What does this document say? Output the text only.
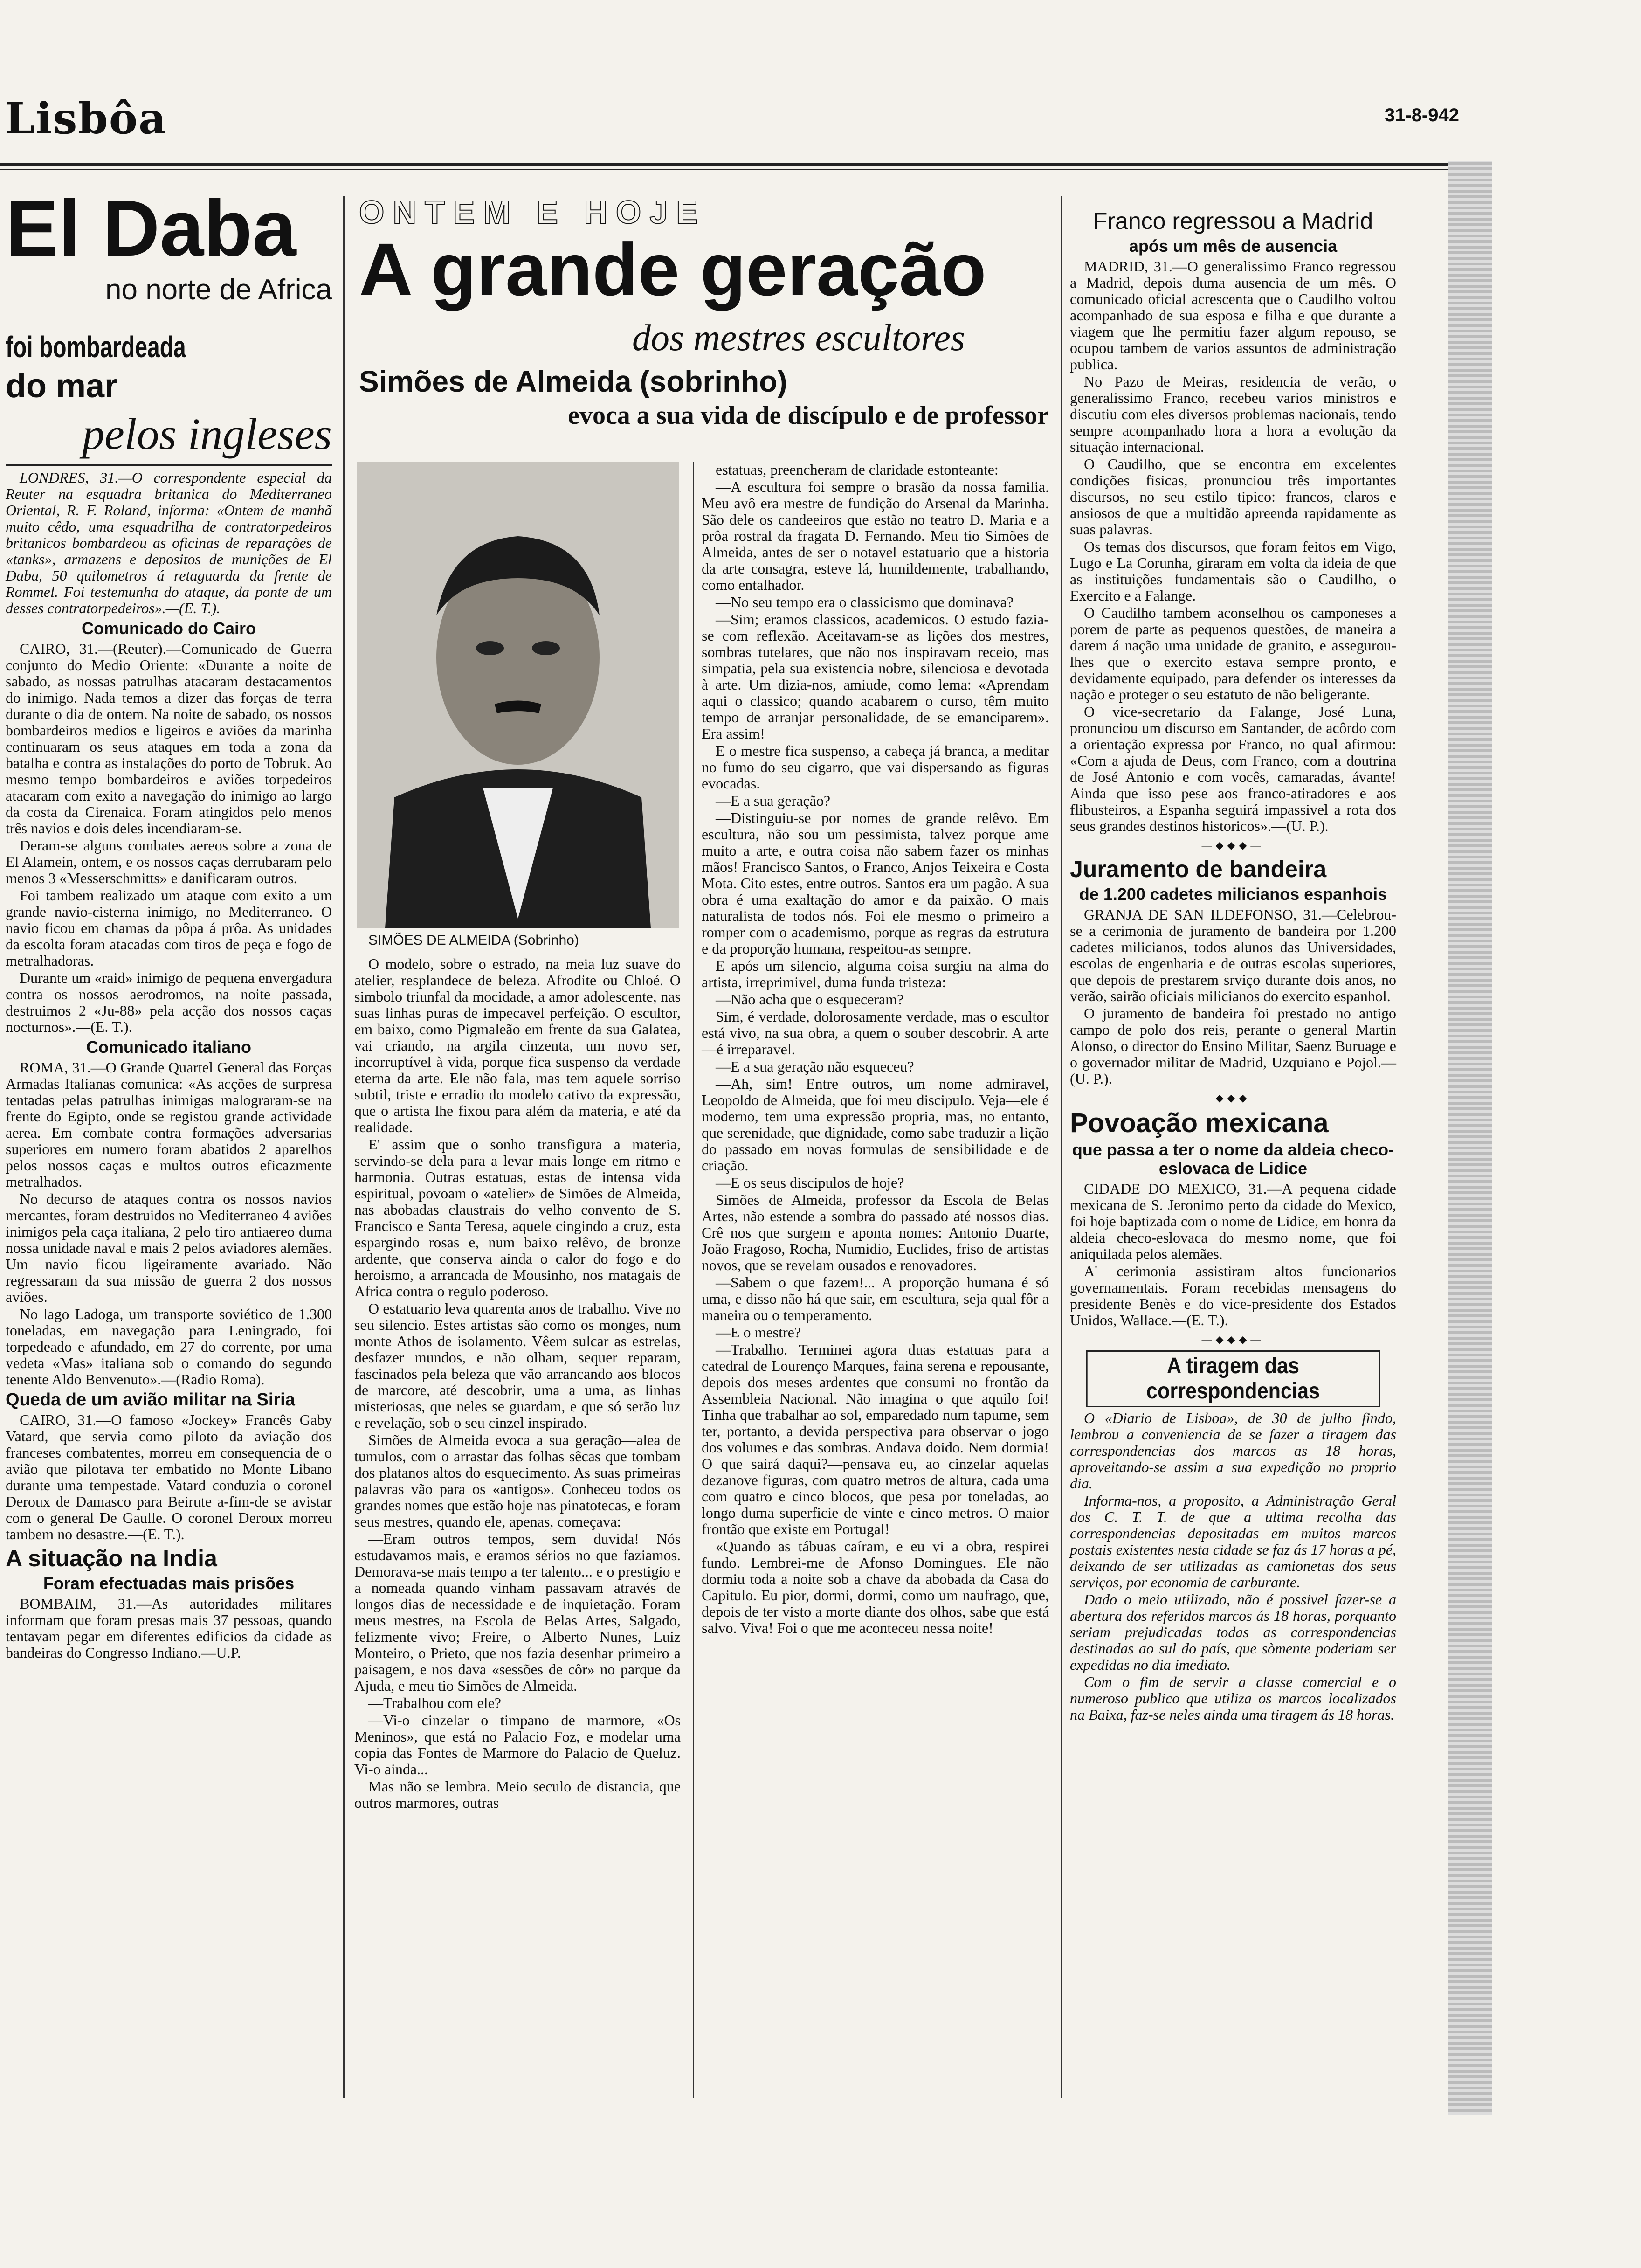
Lisbôa	31-8-942
El Daba
no norte de Africa
foi bombardeada
do mar
pelos ingleses

LONDRES, 31.—O correspondente especial da Reuter na esquadra britanica do Mediterraneo Oriental, R. F. Roland, informa: «Ontem de manhã muito cêdo, uma esquadrilha de contratorpedeiros britanicos bombardeou as oficinas de reparações de «tanks», armazens e depositos de munições de El Daba, 50 quilometros á retaguarda da frente de Rommel. Foi testemunha do ataque, da ponte de um desses contratorpedeiros».—(E. T.).

Comunicado do Cairo

CAIRO, 31.—(Reuter).—Comunicado de Guerra conjunto do Medio Oriente: «Durante a noite de sabado, as nossas patrulhas atacaram destacamentos do inimigo. Nada temos a dizer das forças de terra durante o dia de ontem. Na noite de sabado, os nossos bombardeiros medios e ligeiros e aviões da marinha continuaram os seus ataques em toda a zona da batalha e contra as instalações do porto de Tobruk. Ao mesmo tempo bombardeiros e aviões torpedeiros atacaram com exito a navegação do inimigo ao largo da costa da Cirenaica. Foram atingidos pelo menos três navios e dois deles incendiaram-se.

Deram-se alguns combates aereos sobre a zona de El Alamein, ontem, e os nossos caças derrubaram pelo menos 3 «Messerschmitts» e danificaram outros.

Foi tambem realizado um ataque com exito a um grande navio-cisterna inimigo, no Mediterraneo. O navio ficou em chamas da pôpa á prôa. As unidades da escolta foram atacadas com tiros de peça e fogo de metralhadoras.

Durante um «raid» inimigo de pequena envergadura contra os nossos aerodromos, na noite passada, destruimos 2 «Ju-88» pela acção dos nossos caças nocturnos».—(E. T.).

Comunicado italiano

ROMA, 31.—O Grande Quartel General das Forças Armadas Italianas comunica: «As acções de surpresa tentadas pelas patrulhas inimigas malograram-se na frente do Egipto, onde se registou grande actividade aerea. Em combate contra formações adversarias superiores em numero foram abatidos 2 aparelhos pelos nossos caças e multos outros eficazmente metralhados.

No decurso de ataques contra os nossos navios mercantes, foram destruidos no Mediterraneo 4 aviões inimigos pela caça italiana, 2 pelo tiro antiaereo duma nossa unidade naval e mais 2 pelos aviadores alemães. Um navio ficou ligeiramente avariado. Não regressaram da sua missão de guerra 2 dos nossos aviões.

No lago Ladoga, um transporte soviético de 1.300 toneladas, em navegação para Leningrado, foi torpedeado e afundado, em 27 do corrente, por uma vedeta «Mas» italiana sob o comando do segundo tenente Aldo Benvenuto».—(Radio Roma).

Queda de um avião militar na Siria

CAIRO, 31.—O famoso «Jockey» Francês Gaby Vatard, que servia como piloto da aviação dos franceses combatentes, morreu em consequencia de o avião que pilotava ter embatido no Monte Libano durante uma tempestade. Vatard conduzia o coronel Deroux de Damasco para Beirute a-fim-de se avistar com o general De Gaulle. O coronel Deroux morreu tambem no desastre.—(E. T.).

A situação na India
Foram efectuadas mais prisões

BOMBAIM, 31.—As autoridades militares informam que foram presas mais 37 pessoas, quando tentavam pegar em diferentes edificios da cidade as bandeiras do Congresso Indiano.—U.P.

ONTEM E HOJE
A grande geração
dos mestres escultores
Simões de Almeida (sobrinho)
evoca a sua vida de discípulo e de professor
SIMÕES DE ALMEIDA (Sobrinho)

O modelo, sobre o estrado, na meia luz suave do atelier, resplandece de beleza. Afrodite ou Chloé. O simbolo triunfal da mocidade, a amor adolescente, nas suas linhas puras de impecavel perfeição. O escultor, em baixo, como Pigmaleão em frente da sua Galatea, vai criando, na argila cinzenta, um novo ser, incorruptível à vida, porque fica suspenso da verdade eterna da arte. Ele não fala, mas tem aquele sorriso subtil, triste e erradio do modelo cativo da expressão, que o artista lhe fixou para além da materia, e até da realidade.

E' assim que o sonho transfigura a materia, servindo-se dela para a levar mais longe em ritmo e harmonia. Outras estatuas, estas de intensa vida espiritual, povoam o «atelier» de Simões de Almeida, nas abobadas claustrais do velho convento de S. Francisco e Santa Teresa, aquele cingindo a cruz, esta espargindo rosas e, num baixo relêvo, de bronze ardente, que conserva ainda o calor do fogo e do heroismo, a arrancada de Mousinho, nos matagais de Africa contra o regulo poderoso.

O estatuario leva quarenta anos de trabalho. Vive no seu silencio. Estes artistas são como os monges, num monte Athos de isolamento. Vêem sulcar as estrelas, desfazer mundos, e não olham, sequer reparam, fascinados pela beleza que vão arrancando aos blocos de marcore, até descobrir, uma a uma, as linhas misteriosas, que neles se guardam, e que só serão luz e revelação, sob o seu cinzel inspirado.

Simões de Almeida evoca a sua geração—alea de tumulos, com o arrastar das folhas sêcas que tombam dos platanos altos do esquecimento. As suas primeiras palavras vão para os «antigos». Conheceu todos os grandes nomes que estão hoje nas pinatotecas, e foram seus mestres, quando ele, apenas, começava:

—Eram outros tempos, sem duvida! Nós estudavamos mais, e eramos sérios no que faziamos. Demorava-se mais tempo a ter talento... e o prestigio e a nomeada quando vinham passavam através de longos dias de necessidade e de inquietação. Foram meus mestres, na Escola de Belas Artes, Salgado, felizmente vivo; Freire, o Alberto Nunes, Luiz Monteiro, o Prieto, que nos fazia desenhar primeiro a paisagem, e nos dava «sessões de côr» no parque da Ajuda, e meu tio Simões de Almeida.

—Trabalhou com ele?

—Vi-o cinzelar o timpano de marmore, «Os Meninos», que está no Palacio Foz, e modelar uma copia das Fontes de Marmore do Palacio de Queluz. Vi-o ainda...

Mas não se lembra. Meio seculo de distancia, que outros marmores, outras

estatuas, preencheram de claridade estonteante:

—A escultura foi sempre o brasão da nossa familia. Meu avô era mestre de fundição do Arsenal da Marinha. São dele os candeeiros que estão no teatro D. Maria e a prôa rostral da fragata D. Fernando. Meu tio Simões de Almeida, antes de ser o notavel estatuario que a historia da arte consagra, esteve lá, humildemente, trabalhando, como entalhador.

—No seu tempo era o classicismo que dominava?

—Sim; eramos classicos, academicos. O estudo fazia-se com reflexão. Aceitavam-se as lições dos mestres, sombras tutelares, que não nos inspiravam receio, mas simpatia, pela sua existencia nobre, silenciosa e devotada à arte. Um dizia-nos, amiude, como lema: «Aprendam aqui o classico; quando acabarem o curso, têm muito tempo de arranjar personalidade, de se emanciparem». Era assim!

E o mestre fica suspenso, a cabeça já branca, a meditar no fumo do seu cigarro, que vai dispersando as figuras evocadas.

—E a sua geração?

—Distinguiu-se por nomes de grande relêvo. Em escultura, não sou um pessimista, talvez porque ame muito a arte, e outra coisa não sabem fazer os minhas mãos! Francisco Santos, o Franco, Anjos Teixeira e Costa Mota. Cito estes, entre outros. Santos era um pagão. A sua obra é uma exaltação do amor e da paixão. O mais naturalista de todos nós. Foi ele mesmo o primeiro a romper com o academismo, porque as regras da estrutura e da proporção humana, respeitou-as sempre.

E após um silencio, alguma coisa surgiu na alma do artista, irreprimivel, duma funda tristeza:

—Não acha que o esqueceram?

Sim, é verdade, dolorosamente verdade, mas o escultor está vivo, na sua obra, a quem o souber descobrir. A arte—é irreparavel.

—E a sua geração não esqueceu?

—Ah, sim! Entre outros, um nome admiravel, Leopoldo de Almeida, que foi meu discipulo. Veja—ele é moderno, tem uma expressão propria, mas, no entanto, que serenidade, que dignidade, como sabe traduzir a lição do passado em novas formulas de sensibilidade e de criação.

—E os seus discipulos de hoje?

Simões de Almeida, professor da Escola de Belas Artes, não estende a sombra do passado até nossos dias. Crê nos que surgem e aponta nomes: Antonio Duarte, João Fragoso, Rocha, Numidio, Euclides, friso de artistas novos, que se revelam ousados e renovadores.

—Sabem o que fazem!... A proporção humana é só uma, e disso não há que sair, em escultura, seja qual fôr a maneira ou o temperamento.

—E o mestre?

—Trabalho. Terminei agora duas estatuas para a catedral de Lourenço Marques, faina serena e repousante, depois dos meses ardentes que consumi no frontão da Assembleia Nacional. Não imagina o que aquilo foi! Tinha que trabalhar ao sol, emparedado num tapume, sem ter, portanto, a devida perspectiva para observar o jogo dos volumes e das sombras. Andava doido. Nem dormia! O que sairá daqui?—pensava eu, ao cinzelar aquelas dezanove figuras, com quatro metros de altura, cada uma com quatro e cinco blocos, que pesa por toneladas, ao longo duma superficie de vinte e cinco metros. O maior frontão que existe em Portugal!

«Quando as tábuas caíram, e eu vi a obra, respirei fundo. Lembrei-me de Afonso Domingues. Ele não dormiu toda a noite sob a chave da abobada da Casa do Capitulo. Eu pior, dormi, dormi, como um naufrago, que, depois de ter visto a morte diante dos olhos, sabe que está salvo. Viva! Foi o que me aconteceu nessa noite!

Franco regressou a Madrid
após um mês de ausencia

MADRID, 31.—O generalissimo Franco regressou a Madrid, depois duma ausencia de um mês. O comunicado oficial acrescenta que o Caudilho voltou acompanhado de sua esposa e filha e que durante a viagem que lhe permitiu fazer algum repouso, se ocupou tambem de varios assuntos de administração publica.

No Pazo de Meiras, residencia de verão, o generalissimo Franco, recebeu varios ministros e discutiu com eles diversos problemas nacionais, tendo sempre acompanhado hora a hora a evolução da situação internacional.

O Caudilho, que se encontra em excelentes condições fisicas, pronunciou três importantes discursos, no seu estilo tipico: francos, claros e ansiosos de que a multidão apreenda rapidamente as suas palavras.

Os temas dos discursos, que foram feitos em Vigo, Lugo e La Corunha, giraram em volta da ideia de que as instituições fundamentais são o Caudilho, o Exercito e a Falange.

O Caudilho tambem aconselhou os camponeses a porem de parte as pequenos questões, de maneira a darem á nação uma unidade de granito, e assegurou-lhes que o exercito estava sempre pronto, e devidamente equipado, para defender os interesses da nação e proteger o seu estatuto de não beligerante.

O vice-secretario da Falange, José Luna, pronunciou um discurso em Santander, de acôrdo com a orientação expressa por Franco, no qual afirmou: «Com a ajuda de Deus, com Franco, com a doutrina de José Antonio e com vocês, camaradas, ávante! Ainda que isso pese aos franco-atiradores e aos flibusteiros, a Espanha seguirá impassivel a rota dos seus grandes destinos historicos».—(U. P.).

—◆◆◆—
Juramento de bandeira
de 1.200 cadetes milicianos espanhois

GRANJA DE SAN ILDEFONSO, 31.—Celebrou-se a cerimonia de juramento de bandeira por 1.200 cadetes milicianos, todos alunos das Universidades, escolas de engenharia e de outras escolas superiores, que depois de prestarem srviço durante dois anos, no verão, sairão oficiais milicianos do exercito espanhol.

O juramento de bandeira foi prestado no antigo campo de polo dos reis, perante o general Martin Alonso, o director do Ensino Militar, Saenz Buruage e o governador militar de Madrid, Uzquiano e Pojol.—(U. P.).

—◆◆◆—
Povoação mexicana
que passa a ter o nome da aldeia checo-eslovaca de Lidice

CIDADE DO MEXICO, 31.—A pequena cidade mexicana de S. Jeronimo perto da cidade do Mexico, foi hoje baptizada com o nome de Lidice, em honra da aldeia checo-eslovaca do mesmo nome, que foi aniquilada pelos alemães.

A' cerimonia assistiram altos funcionarios governamentais. Foram recebidas mensagens do presidente Benès e do vice-presidente dos Estados Unidos, Wallace.—(E. T.).

—◆◆◆—
A tiragem das correspondencias

O «Diario de Lisboa», de 30 de julho findo, lembrou a conveniencia de se fazer a tiragem das correspondencias dos marcos as 18 horas, aproveitando-se assim a sua expedição no proprio dia.

Informa-nos, a proposito, a Administração Geral dos C. T. T. de que a ultima recolha das correspondencias depositadas em muitos marcos postais existentes nesta cidade se faz ás 17 horas a pé, deixando de ser utilizadas as camionetas dos seus serviços, por economia de carburante.

Dado o meio utilizado, não é possivel fazer-se a abertura dos referidos marcos ás 18 horas, porquanto seriam prejudicadas todas as correspondencias destinadas ao sul do país, que sòmente poderiam ser expedidas no dia imediato.

Com o fim de servir a classe comercial e o numeroso publico que utiliza os marcos localizados na Baixa, faz-se neles ainda uma tiragem ás 18 horas.
